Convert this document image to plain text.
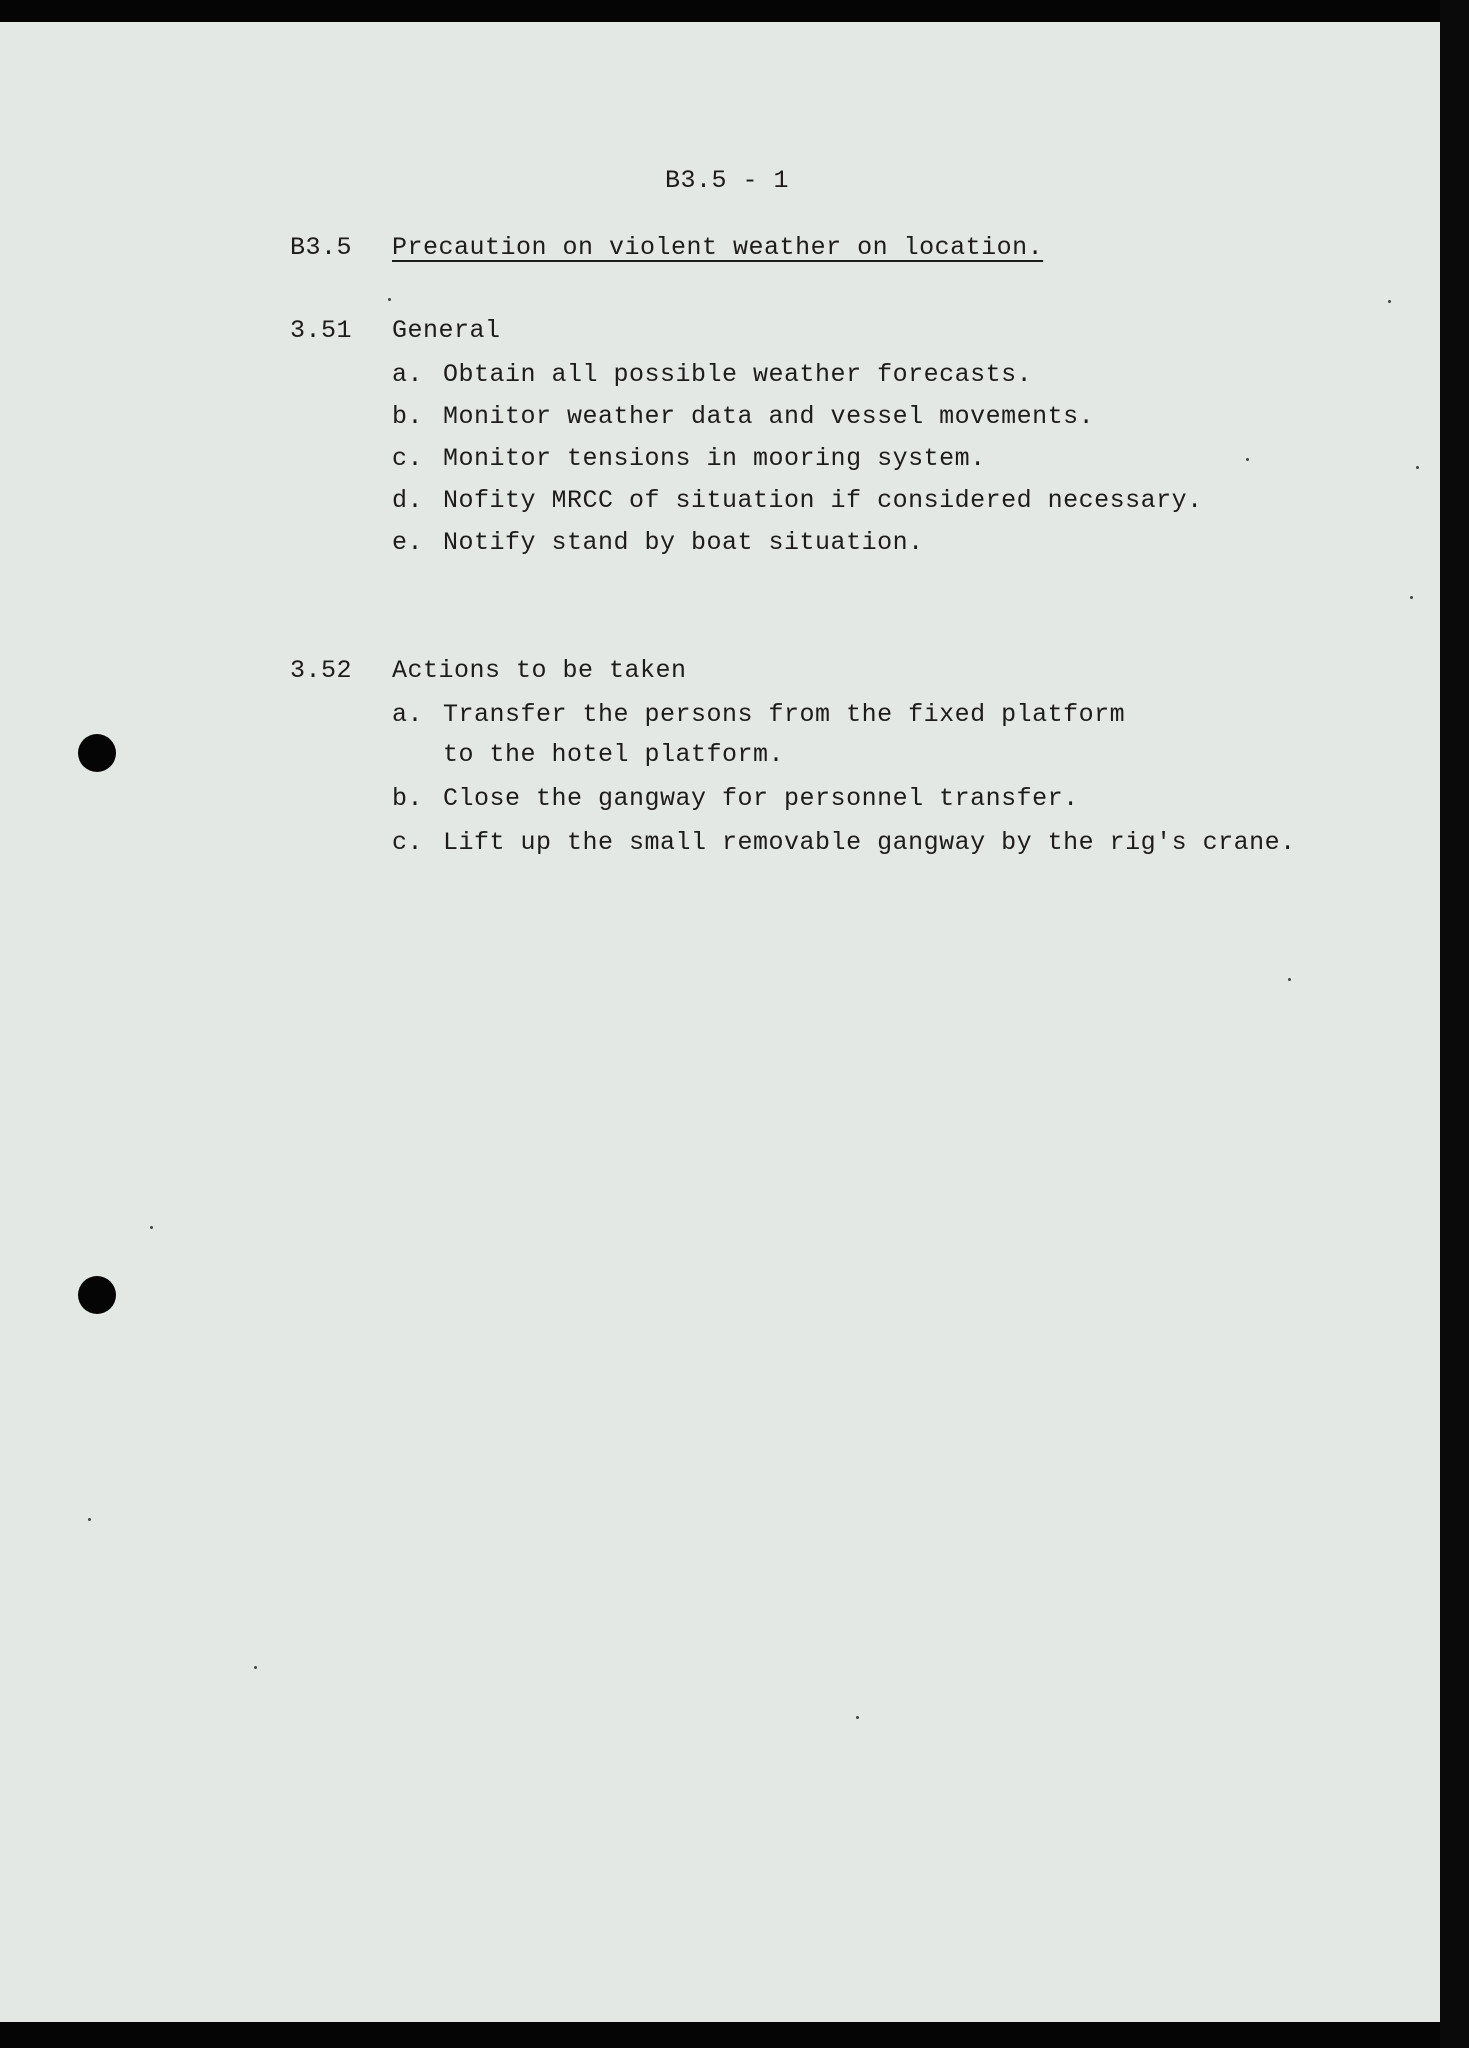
B3.5 - 1
B3.5 Precaution on violent weather on location.
3.51 General
a. Obtain all possible weather forecasts.
b. Monitor weather data and vessel movements.
c. Monitor tensions in mooring system.
d. Nofity MRCC of situation if considered necessary.
e. Notify stand by boat situation.
3.52 Actions to be taken
a. Transfer the persons from the fixed platform
to the hotel platform.
b. Close the gangway for personnel transfer.
c. Lift up the small removable gangway by the rig's crane.
